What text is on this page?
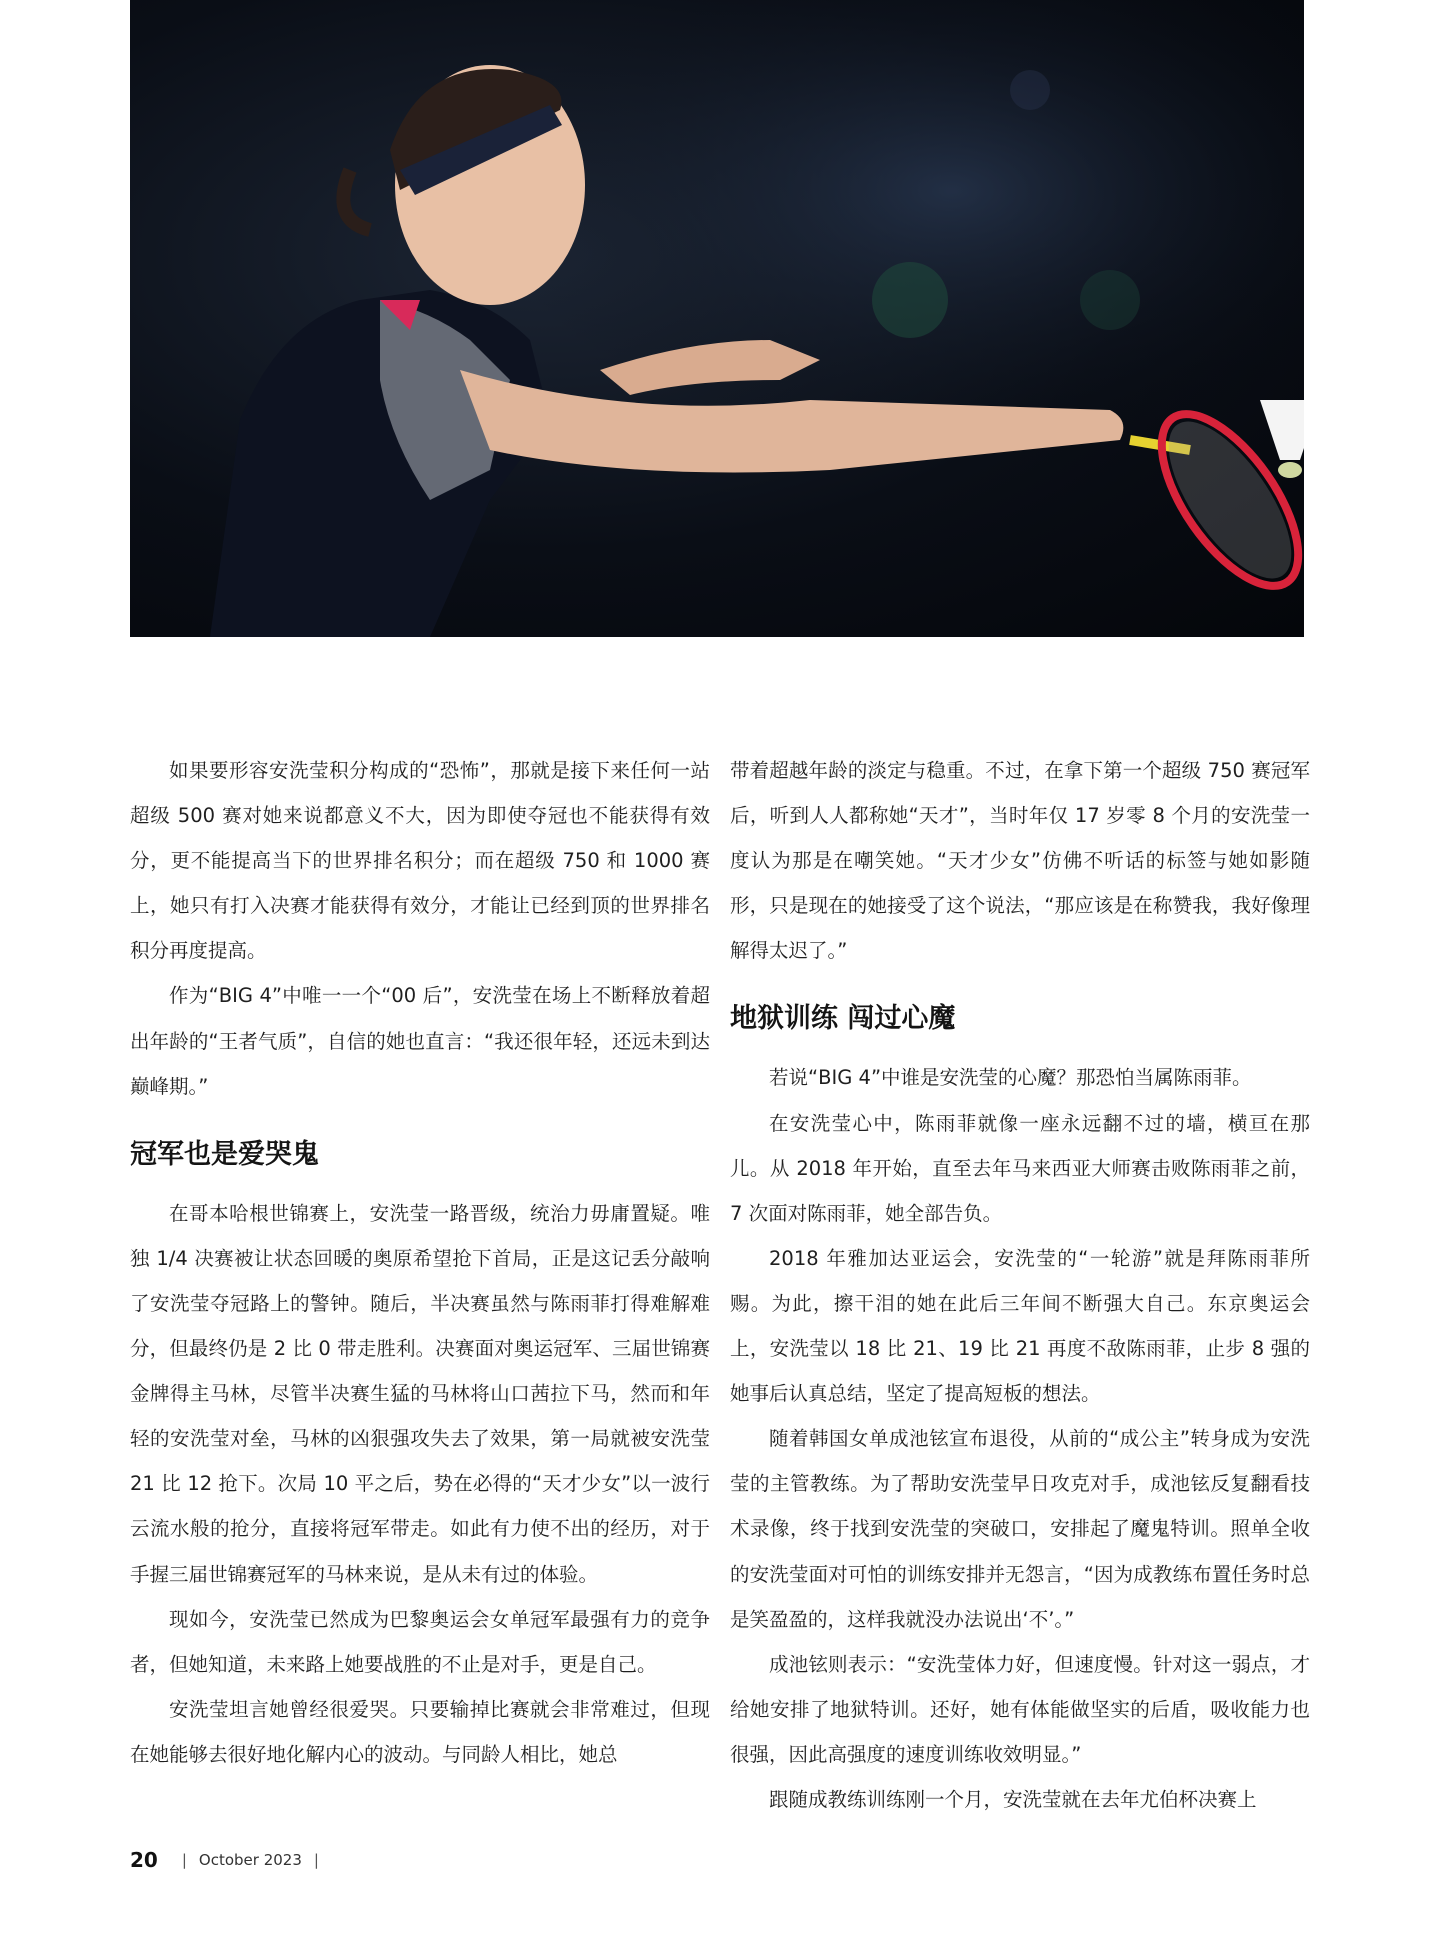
如果要形容安洗莹积分构成的“恐怖”，那就是接下来任何一站超级 500 赛对她来说都意义不大，因为即使夺冠也不能获得有效分，更不能提高当下的世界排名积分；而在超级 750 和 1000 赛上，她只有打入决赛才能获得有效分，才能让已经到顶的世界排名积分再度提高。

作为“BIG 4”中唯一一个“00 后”，安洗莹在场上不断释放着超出年龄的“王者气质”，自信的她也直言：“我还很年轻，还远未到达巅峰期。”

冠军也是爱哭鬼

在哥本哈根世锦赛上，安洗莹一路晋级，统治力毋庸置疑。唯独 1/4 决赛被让状态回暖的奥原希望抢下首局，正是这记丢分敲响了安洗莹夺冠路上的警钟。随后，半决赛虽然与陈雨菲打得难解难分，但最终仍是 2 比 0 带走胜利。决赛面对奥运冠军、三届世锦赛金牌得主马林，尽管半决赛生猛的马林将山口茜拉下马，然而和年轻的安洗莹对垒，马林的凶狠强攻失去了效果，第一局就被安洗莹 21 比 12 抢下。次局 10 平之后，势在必得的“天才少女”以一波行云流水般的抢分，直接将冠军带走。如此有力使不出的经历，对于手握三届世锦赛冠军的马林来说，是从未有过的体验。

现如今，安洗莹已然成为巴黎奥运会女单冠军最强有力的竞争者，但她知道，未来路上她要战胜的不止是对手，更是自己。

安洗莹坦言她曾经很爱哭。只要输掉比赛就会非常难过，但现在她能够去很好地化解内心的波动。与同龄人相比，她总

带着超越年龄的淡定与稳重。不过，在拿下第一个超级 750 赛冠军后，听到人人都称她“天才”，当时年仅 17 岁零 8 个月的安洗莹一度认为那是在嘲笑她。“天才少女”仿佛不听话的标签与她如影随形，只是现在的她接受了这个说法，“那应该是在称赞我，我好像理解得太迟了。”

地狱训练 闯过心魔

若说“BIG 4”中谁是安洗莹的心魔？那恐怕当属陈雨菲。

在安洗莹心中，陈雨菲就像一座永远翻不过的墙，横亘在那儿。从 2018 年开始，直至去年马来西亚大师赛击败陈雨菲之前，7 次面对陈雨菲，她全部告负。

2018 年雅加达亚运会，安洗莹的“一轮游”就是拜陈雨菲所赐。为此，擦干泪的她在此后三年间不断强大自己。东京奥运会上，安洗莹以 18 比 21、19 比 21 再度不敌陈雨菲，止步 8 强的她事后认真总结，坚定了提高短板的想法。

随着韩国女单成池铉宣布退役，从前的“成公主”转身成为安洗莹的主管教练。为了帮助安洗莹早日攻克对手，成池铉反复翻看技术录像，终于找到安洗莹的突破口，安排起了魔鬼特训。照单全收的安洗莹面对可怕的训练安排并无怨言，“因为成教练布置任务时总是笑盈盈的，这样我就没办法说出‘不’。”

成池铉则表示：“安洗莹体力好，但速度慢。针对这一弱点，才给她安排了地狱特训。还好，她有体能做坚实的后盾，吸收能力也很强，因此高强度的速度训练收效明显。”

跟随成教练训练刚一个月，安洗莹就在去年尤伯杯决赛上

20 | October 2023 |
